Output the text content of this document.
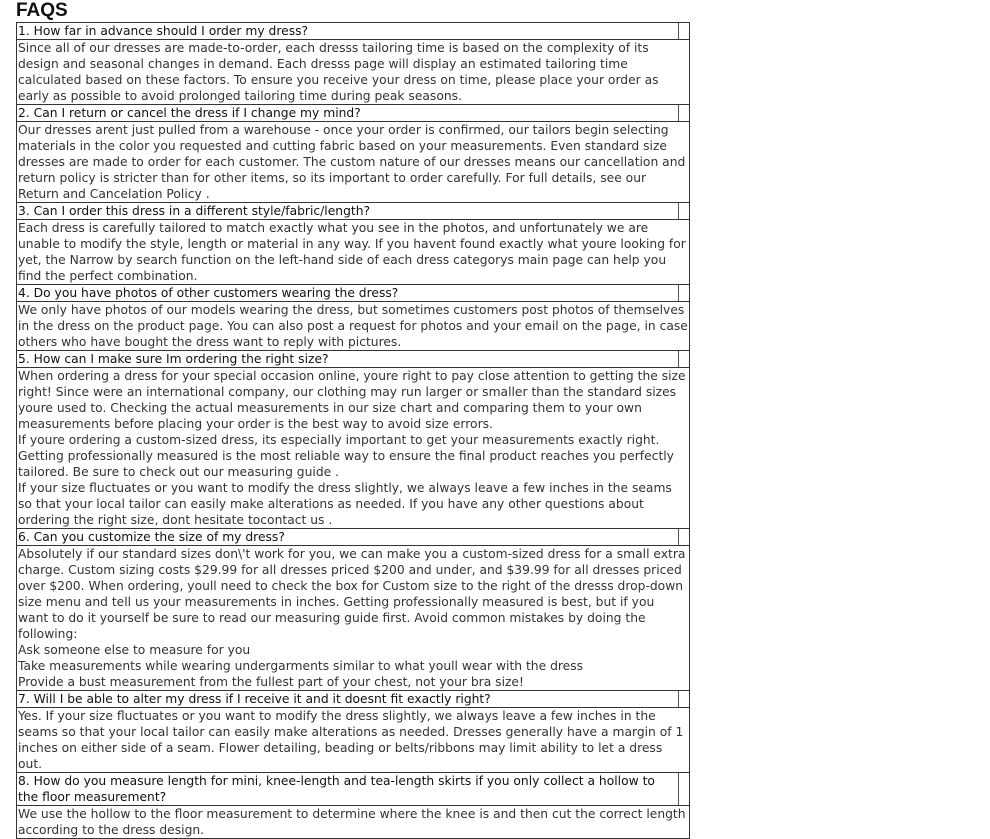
FAQS
1. How far in advance should I order my dress?

Since all of our dresses are made-to-order, each dresss tailoring time is based on the complexity of its design and seasonal changes in demand. Each dresss page will display an estimated tailoring time calculated based on these factors. To ensure you receive your dress on time, please place your order as early as possible to avoid prolonged tailoring time during peak seasons.

2. Can I return or cancel the dress if I change my mind?

Our dresses arent just pulled from a warehouse - once your order is confirmed, our tailors begin selecting materials in the color you requested and cutting fabric based on your measurements. Even standard size dresses are made to order for each customer. The custom nature of our dresses means our cancellation and return policy is stricter than for other items, so its important to order carefully. For full details, see our Return and Cancelation Policy .

3. Can I order this dress in a different style/fabric/length?

Each dress is carefully tailored to match exactly what you see in the photos, and unfortunately we are unable to modify the style, length or material in any way. If you havent found exactly what youre looking for yet, the Narrow by search function on the left-hand side of each dress categorys main page can help you find the perfect combination.

4. Do you have photos of other customers wearing the dress?

We only have photos of our models wearing the dress, but sometimes customers post photos of themselves in the dress on the product page. You can also post a request for photos and your email on the page, in case others who have bought the dress want to reply with pictures.

5. How can I make sure Im ordering the right size?

When ordering a dress for your special occasion online, youre right to pay close attention to getting the size right! Since were an international company, our clothing may run larger or smaller than the standard sizes youre used to. Checking the actual measurements in our size chart and comparing them to your own measurements before placing your order is the best way to avoid size errors.

If youre ordering a custom-sized dress, its especially important to get your measurements exactly right. Getting professionally measured is the most reliable way to ensure the final product reaches you perfectly tailored. Be sure to check out our measuring guide .

If your size fluctuates or you want to modify the dress slightly, we always leave a few inches in the seams so that your local tailor can easily make alterations as needed. If you have any other questions about ordering the right size, dont hesitate tocontact us .

6. Can you customize the size of my dress?

Absolutely if our standard sizes don\'t work for you, we can make you a custom-sized dress for a small extra charge. Custom sizing costs $29.99 for all dresses priced $200 and under, and $39.99 for all dresses priced over $200. When ordering, youll need to check the box for Custom size to the right of the dresss drop-down size menu and tell us your measurements in inches. Getting professionally measured is best, but if you want to do it yourself be sure to read our measuring guide first. Avoid common mistakes by doing the following:

Ask someone else to measure for you

Take measurements while wearing undergarments similar to what youll wear with the dress

Provide a bust measurement from the fullest part of your chest, not your bra size!

7. Will I be able to alter my dress if I receive it and it doesnt fit exactly right?

Yes. If your size fluctuates or you want to modify the dress slightly, we always leave a few inches in the seams so that your local tailor can easily make alterations as needed. Dresses generally have a margin of 1 inches on either side of a seam. Flower detailing, beading or belts/ribbons may limit ability to let a dress out.

8. How do you measure length for mini, knee-length and tea-length skirts if you only collect a hollow to the floor measurement?

We use the hollow to the floor measurement to determine where the knee is and then cut the correct length according to the dress design.
